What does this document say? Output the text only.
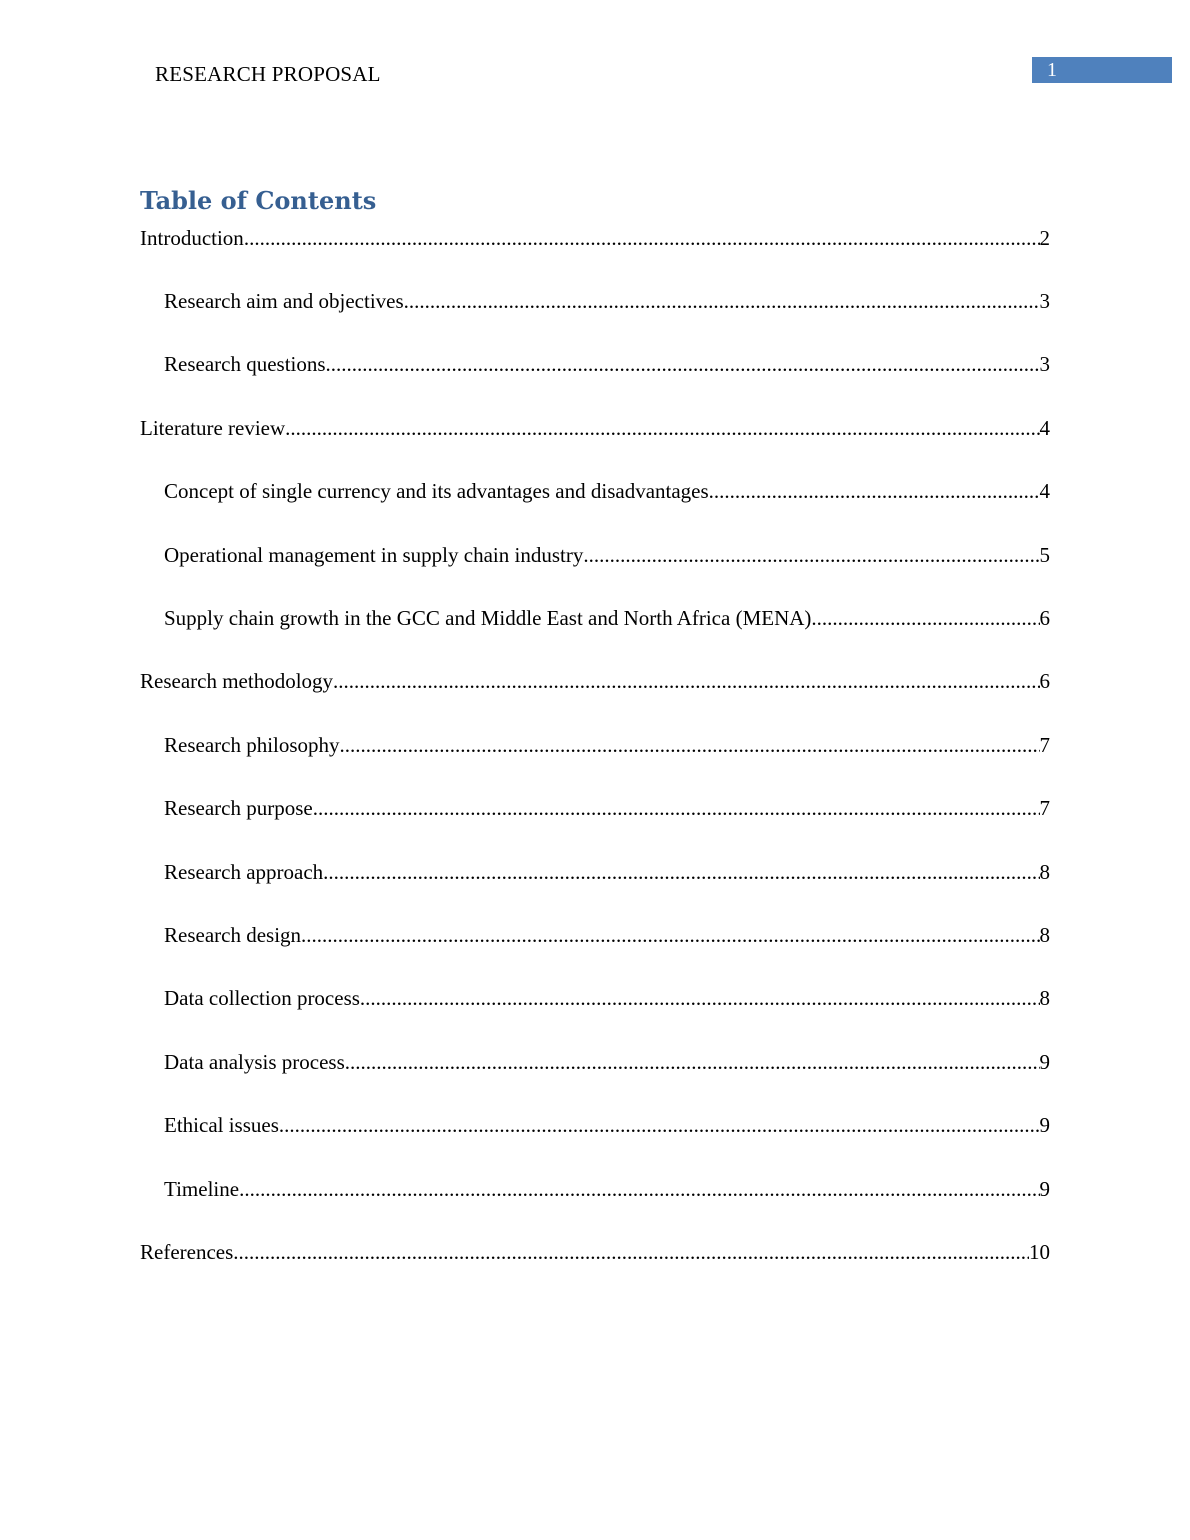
RESEARCH PROPOSAL	1
Table of Contents
Introduction .....	2
Research aim and objectives .....	3
Research questions .....	3
Literature review .....	4
Concept of single currency and its advantages and disadvantages .....	4
Operational management in supply chain industry .....	5
Supply chain growth in the GCC and Middle East and North Africa (MENA) .....	6
Research methodology .....	6
Research philosophy .....	7
Research purpose .....	7
Research approach .....	8
Research design .....	8
Data collection process .....	8
Data analysis process .....	9
Ethical issues .....	9
Timeline .....	9
References .....	10
